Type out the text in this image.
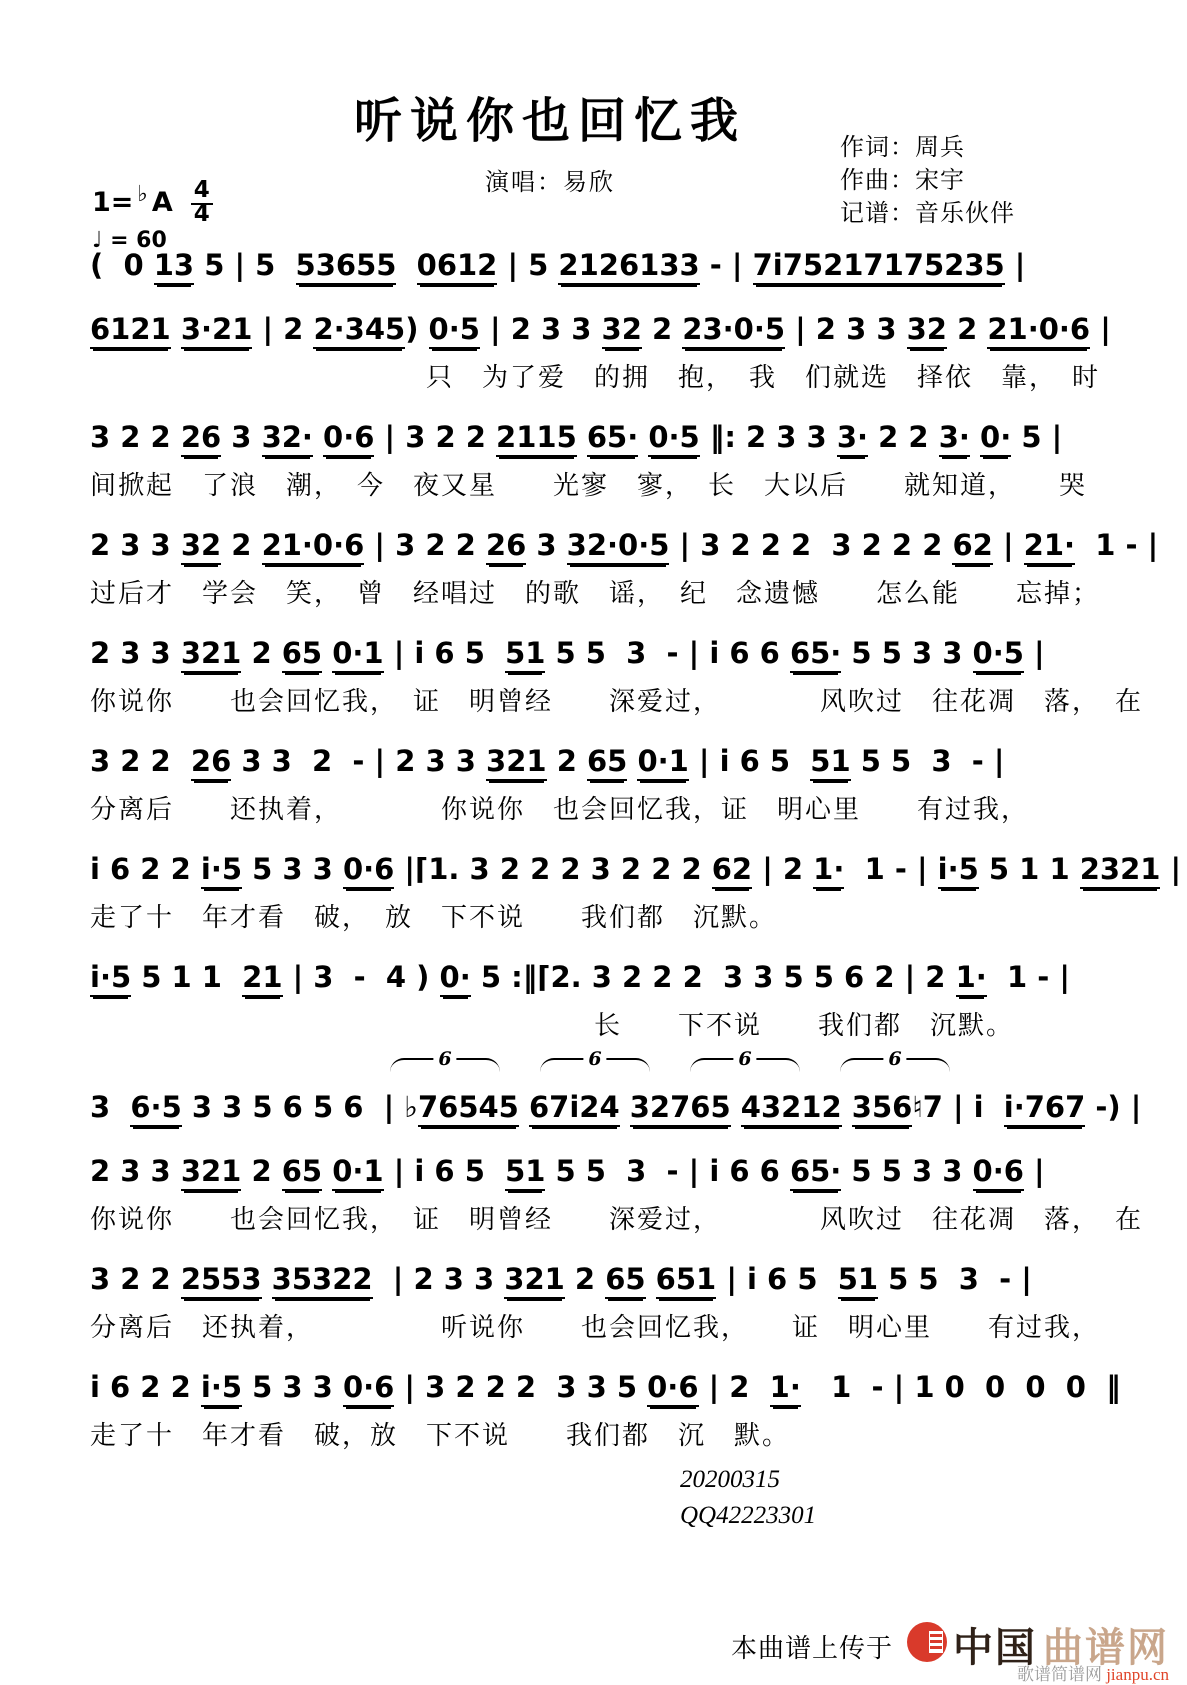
听说你也回忆我
演唱：易欣
作词：周兵
作曲：宋宇
记谱：音乐伙伴
1= ♭ A $\frac{4}{4}$
♩ = 60
(  0 13 5 | 5  53655 0612 | 5 2126133 - | 7i75217175235 |
6121 3·21 | 2 2·345) 0·5 | 2 3 3 32 2 23·0·5 | 2 3 3 32 2 21·0·6 |
　　　　　　　　　　　　只　为了爱　的拥　抱，　我　们就选　择依　靠，　时
3 2 2 26 3 32· 0·6 | 3 2 2 2115 65· 0·5 ‖: 2 3 3 3· 2 2 3· 0· 5 |
间掀起　了浪　潮，　今　夜又星　　光寥　寥，　长　大以后　　就知道，　　哭
2 3 3 32 2 21·0·6 | 3 2 2 26 3 32·0·5 | 3 2 2 2  3 2 2 2 62 | 21·  1 - |
过后才　学会　笑，　曾　经唱过　的歌　谣，　纪　念遗憾　　怎么能　　忘掉；
2 3 3 321 2 65 0·1 | i 6 5  51 5 5  3  - | i 6 6 65· 5 5 3 3 0·5 |
你说你　　也会回忆我，　证　明曾经　　深爱过，　　　　风吹过　往花凋　落，　在
3 2 2  26 3 3  2  - | 2 3 3 321 2 65 0·1 | i 6 5  51 5 5  3  - |
分离后　　还执着，　　　　你说你　也会回忆我，证　明心里　　有过我，
i 6 2 2 i·5 5 3 3 0·6 |⌈1. 3 2 2 2 3 2 2 2 62 | 2 1·  1 - | i·5 5 1 1 2321 |
走了十　年才看　破，　放　下不说　　我们都　沉默。
i·5 5 1 1  21 | 3  -  4 ) 0· 5 :‖⌈2. 3 2 2 2  3 3 5 5 6 2 | 2 1·  1 - |
　　　　　　　　　　　　　　　　　　长　　下不说　　我们都　沉默。
6	6	6	6
3  6·5 3 3 5 6 5 6  | ♭76545 67i24 32765 43212 356♮7 | i  i·767 -) |
2 3 3 321 2 65 0·1 | i 6 5  51 5 5  3  - | i 6 6 65· 5 5 3 3 0·6 |
你说你　　也会回忆我，　证　明曾经　　深爱过，　　　　风吹过　往花凋　落，　在
3 2 2 2553 35322  | 2 3 3 321 2 65 651 | i 6 5  51 5 5  3  - |
分离后　还执着，　　　　　听说你　　也会回忆我，　　证　明心里　　有过我，
i 6 2 2 i·5 5 3 3 0·6 | 3 2 2 2  3 3 5 0·6 | 2  1·   1  - | 1 0  0  0  0  ‖
走了十　年才看　破，放　下不说　　我们都　沉　默。
20200315
QQ42223301
本曲谱上传于 中国 曲谱网
歌谱简谱网 jianpu.cn
